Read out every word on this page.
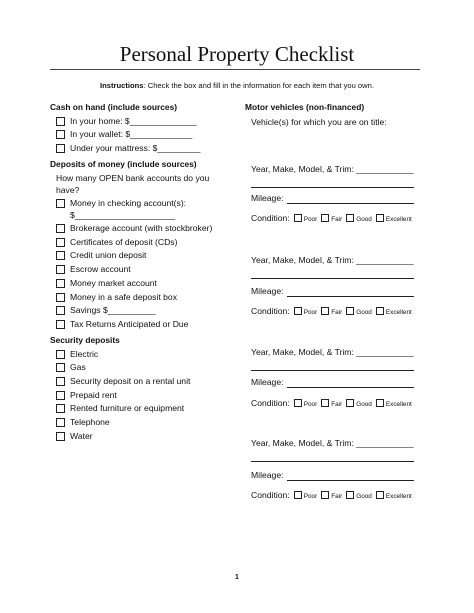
Personal Property Checklist
Instructions: Check the box and fill in the information for each item that you own.
Cash on hand (include sources)
In your home: $______________
In your wallet: $_____________
Under your mattress: $_________
Deposits of money (include sources)
How many OPEN bank accounts do you
have?
Money in checking account(s):
$_____________________
Brokerage account (with stockbroker)
Certificates of deposit (CDs)
Credit union deposit
Escrow account
Money market account
Money in a safe deposit box
Savings $__________
Tax Returns Anticipated or Due
Security deposits
Electric
Gas
Security deposit on a rental unit
Prepaid rent
Rented furniture or equipment
Telephone
Water
Motor vehicles (non-financed)
Vehicle(s) for which you are on title:
Year, Make, Model, & Trim: ____________
Mileage:
Condition: Poor Fair Good Excellent
Year, Make, Model, & Trim: ____________
Mileage:
Condition: Poor Fair Good Excellent
Year, Make, Model, & Trim: ____________
Mileage:
Condition: Poor Fair Good Excellent
Year, Make, Model, & Trim: ____________
Mileage:
Condition: Poor Fair Good Excellent
1
